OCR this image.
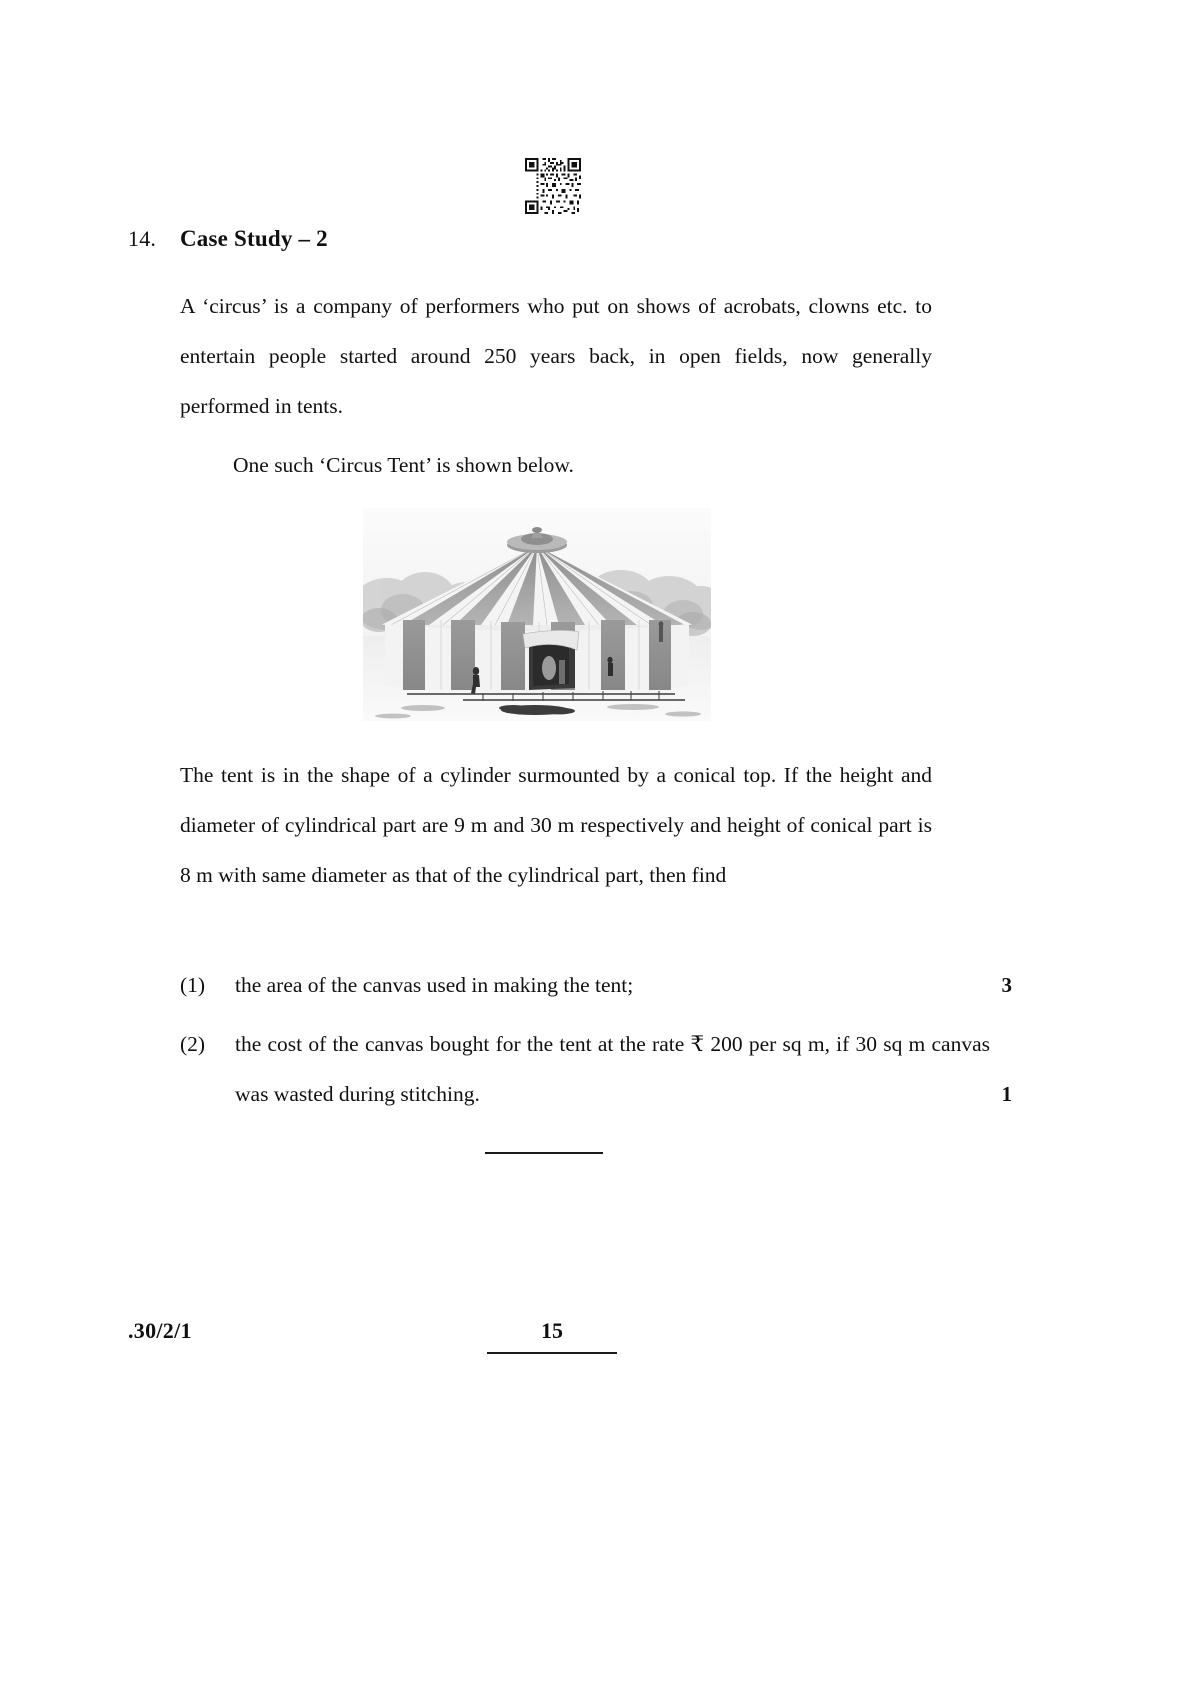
14.	Case Study – 2

A ‘circus’ is a company of performers who put on shows of acrobats, clowns etc. to entertain people started around 250 years back, in open fields, now generally performed in tents.

One such ‘Circus Tent’ is shown below.

The tent is in the shape of a cylinder surmounted by a conical top. If the height and diameter of cylindrical part are 9 m and 30 m respectively and height of conical part is 8 m with same diameter as that of the cylindrical part, then find

(1)	the area of the canvas used in making the tent;	3
(2)	the cost of the canvas bought for the tent at the rate ₹ 200 per sq m, if 30 sq m canvas was wasted during stitching.	1
.30/2/1	15
